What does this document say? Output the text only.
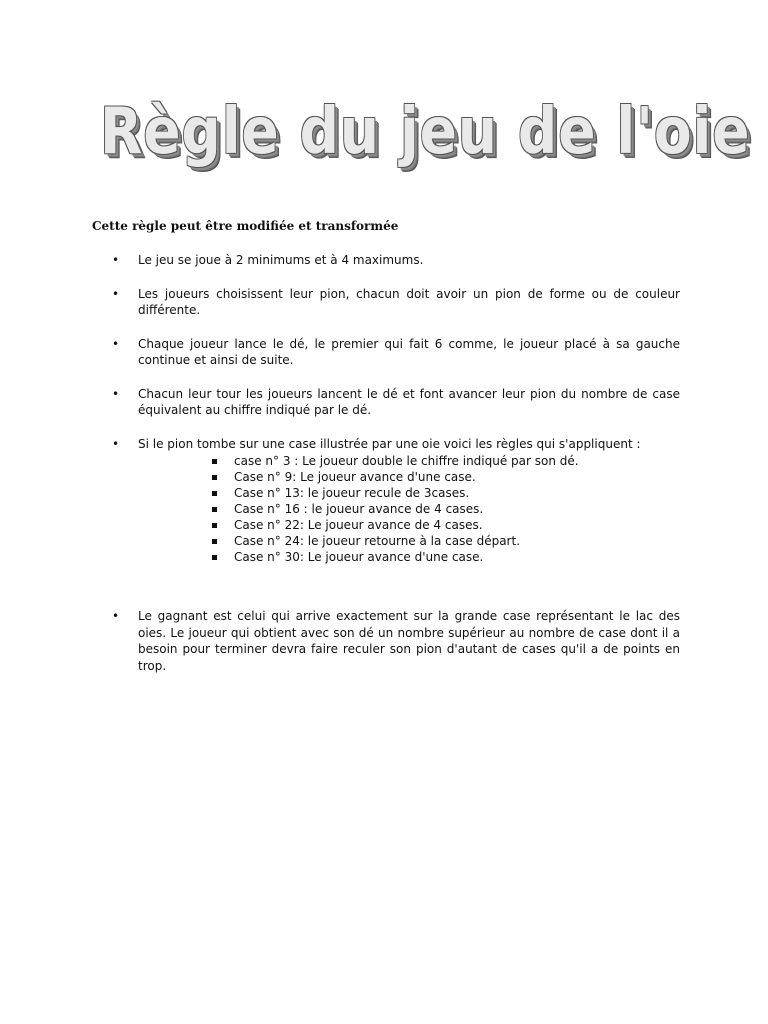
Règle du jeu de l'oie
Cette règle peut être modifiée et transformée
• Le jeu se joue à 2 minimums et à 4 maximums.
• Les joueurs choisissent leur pion, chacun doit avoir un pion de forme ou de couleur différente.
• Chaque joueur lance le dé, le premier qui fait 6 comme, le joueur placé à sa gauche continue et ainsi de suite.
• Chacun leur tour les joueurs lancent le dé et font avancer leur pion du nombre de case équivalent au chiffre indiqué par le dé.
• Si le pion tombe sur une case illustrée par une oie voici les règles qui s'appliquent :
case n° 3 : Le joueur double le chiffre indiqué par son dé.
Case n° 9: Le joueur avance d'une case.
Case n° 13: le joueur recule de 3cases.
Case n° 16 : le joueur avance de 4 cases.
Case n° 22: Le joueur avance de 4 cases.
Case n° 24: le joueur retourne à la case départ.
Case n° 30: Le joueur avance d'une case.
• Le gagnant est celui qui arrive exactement sur la grande case représentant le lac des oies. Le joueur qui obtient avec son dé un nombre supérieur au nombre de case dont il a besoin pour terminer devra faire reculer son pion d'autant de cases qu'il a de points en trop.
